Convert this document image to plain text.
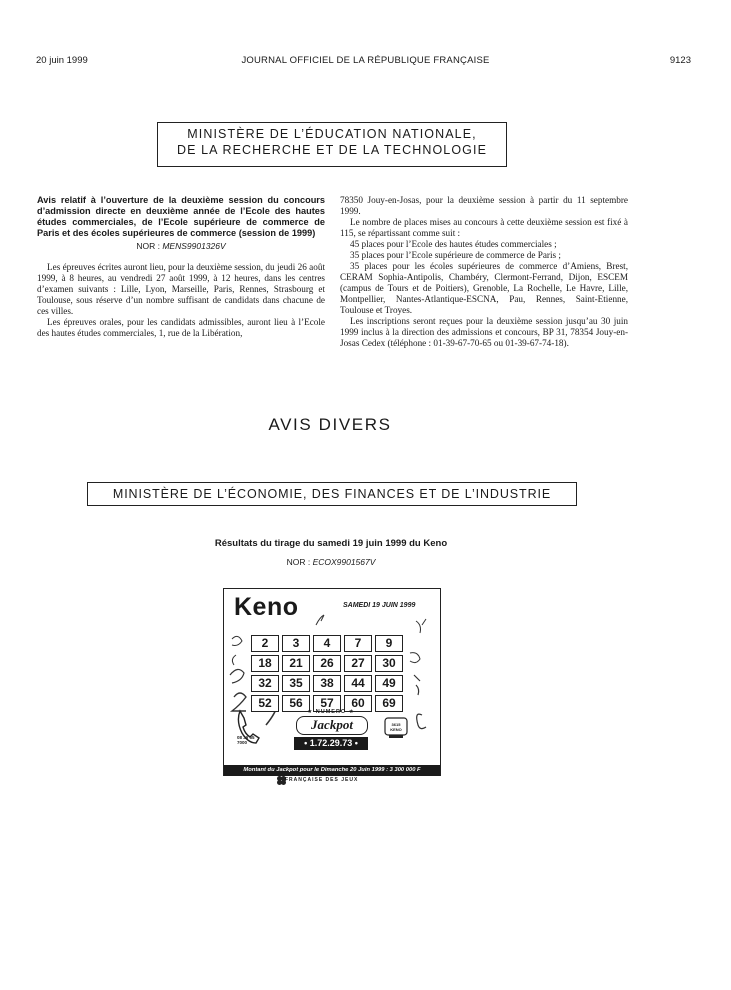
20 juin 1999	JOURNAL OFFICIEL DE LA RÉPUBLIQUE FRANÇAISE	9123
MINISTÈRE DE L’ÉDUCATION NATIONALE,
DE LA RECHERCHE ET DE LA TECHNOLOGIE

Avis relatif à l’ouverture de la deuxième session du concours d’admission directe en deuxième année de l’Ecole des hautes études commerciales, de l’Ecole supérieure de commerce de Paris et des écoles supérieures de commerce (session de 1999)

NOR : MENS9901326V

Les épreuves écrites auront lieu, pour la deuxième session, du jeudi 26 août 1999, à 8 heures, au vendredi 27 août 1999, à 12 heures, dans les centres d’examen suivants : Lille, Lyon, Marseille, Paris, Rennes, Strasbourg et Toulouse, sous réserve d’un nombre suffisant de candidats dans chacune de ces villes.

Les épreuves orales, pour les candidats admissibles, auront lieu à l’Ecole des hautes études commerciales, 1, rue de la Libération,

78350 Jouy-en-Josas, pour la deuxième session à partir du 11 septembre 1999.

Le nombre de places mises au concours à cette deuxième session est fixé à 115, se répartissant comme suit :

45 places pour l’Ecole des hautes études commerciales ;

35 places pour l’Ecole supérieure de commerce de Paris ;

35 places pour les écoles supérieures de commerce d’Amiens, Brest, CERAM Sophia-Antipolis, Chambéry, Clermont-Ferrand, Dijon, ESCEM (campus de Tours et de Poitiers), Grenoble, La Rochelle, Le Havre, Lille, Montpellier, Nantes-Atlantique-ESCNA, Pau, Rennes, Saint-Etienne, Toulouse et Troyes.

Les inscriptions seront reçues pour la deuxième session jusqu’au 30 juin 1999 inclus à la direction des admissions et concours, BP 31, 78354 Jouy-en-Josas Cedex (téléphone : 01-39-67-70-65 ou 01-39-67-74-18).

AVIS DIVERS
MINISTÈRE DE L’ÉCONOMIE, DES FINANCES ET DE L’INDUSTRIE
Résultats du tirage du samedi 19 juin 1999 du Keno
NOR : ECOX9901567V
Keno	SAMEDI 19 JUIN 1999
2	3	4	7	9
18	21	26	27	30
32	35	38	44	49
52	56	57	60	69
08 36 65
7000
★ NUMERO ★
Jackpot
• 1.72.29.73 •
3615
KENO
Montant du Jackpot pour le Dimanche 20 Juin 1999 : 3 300 000 F
FRANÇAISE DES JEUX
